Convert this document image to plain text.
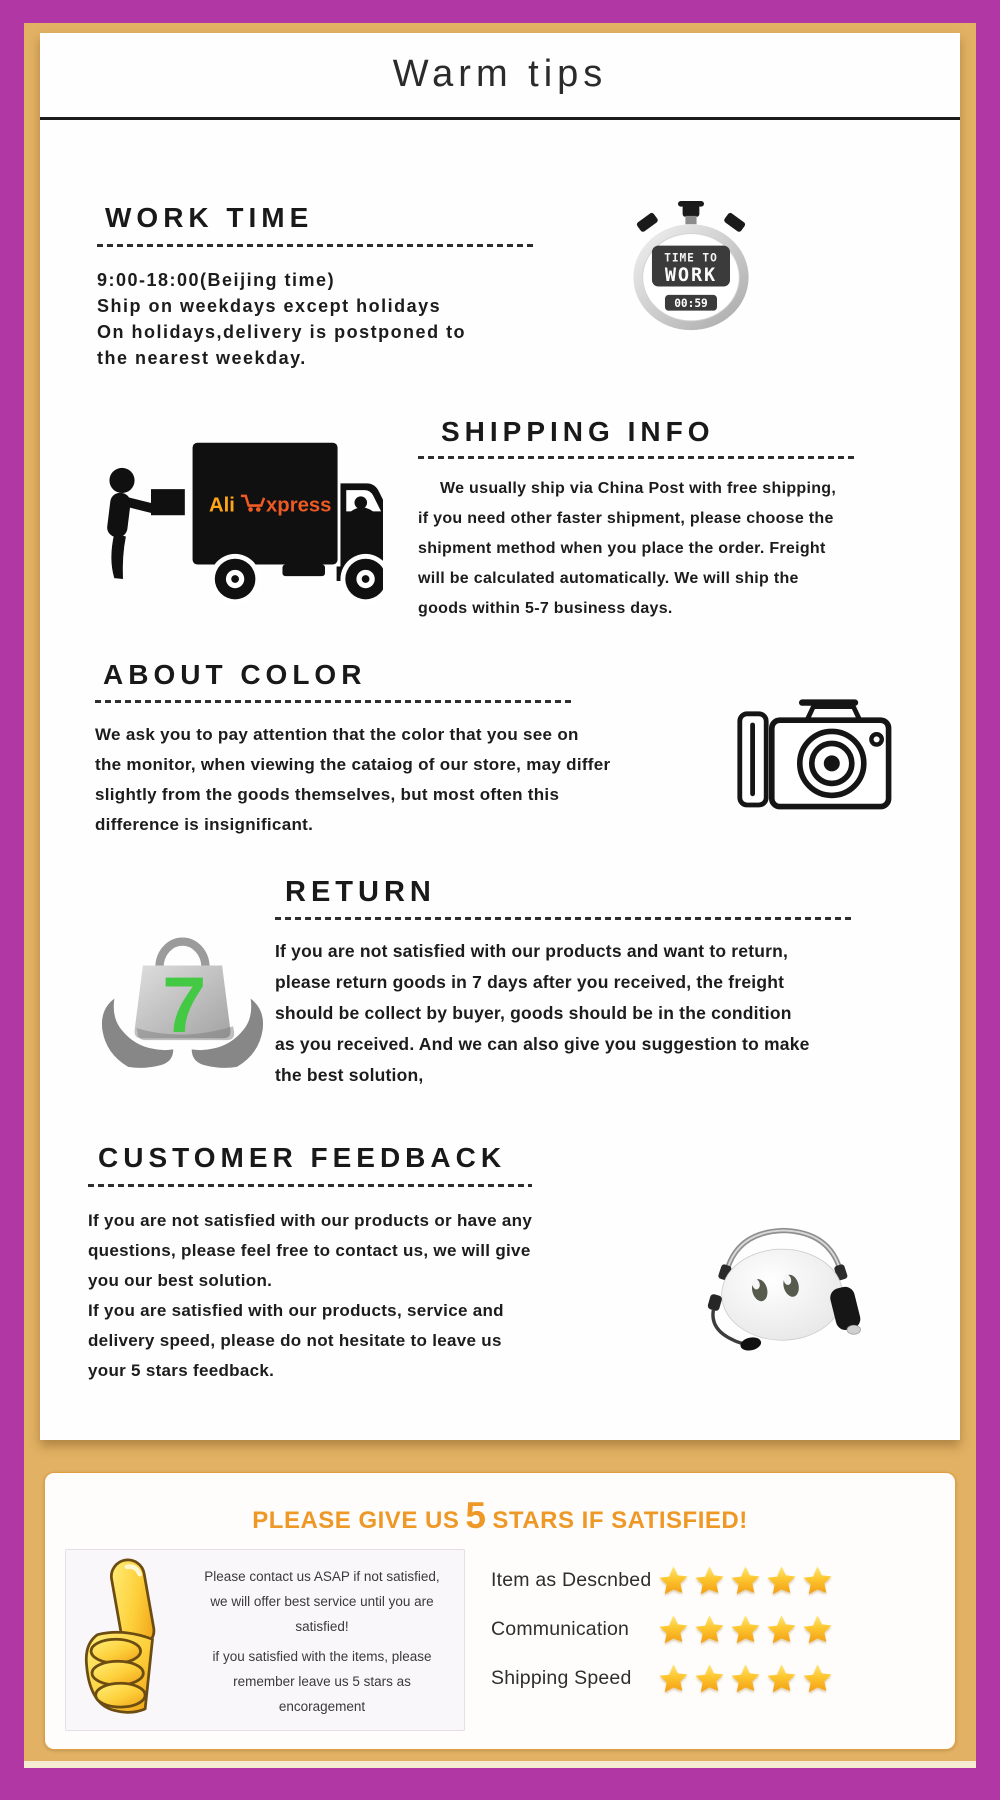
Warm tips
WORK TIME
9:00-18:00(Beijing time)
Ship on weekdays except holidays
On holidays,delivery is postponed to
the nearest weekday.
TIME TO
WORK
00:59
SHIPPING INFO
We usually ship via China Post with free shipping,
if you need other faster shipment, please choose the
shipment method when you place the order. Freight
will be calculated automatically. We will ship the
goods within 5-7 business days.
Ali xpress
ABOUT COLOR
We ask you to pay attention that the color that you see on
the monitor, when viewing the cataiog of our store, may differ
slightly from the goods themselves, but most often this
difference is insignificant.
RETURN
If you are not satisfied with our products and want to return,
please return goods in 7 days after you received, the freight
should be collect by buyer, goods should be in the condition
as you received. And we can also give you suggestion to make
the best solution,
7
CUSTOMER FEEDBACK
If you are not satisfied with our products or have any
questions, please feel free to contact us, we will give
you our best solution.
If you are satisfied with our products, service and
delivery speed, please do not hesitate to leave us
your 5 stars feedback.
PLEASE GIVE US 5 STARS IF SATISFIED!
Please contact us ASAP if not satisfied,
we will offer best service until you are
satisfied!
if you satisfied with the items, please
remember leave us 5 stars as
encoragement
Item as Descnbed
Communication
Shipping Speed
